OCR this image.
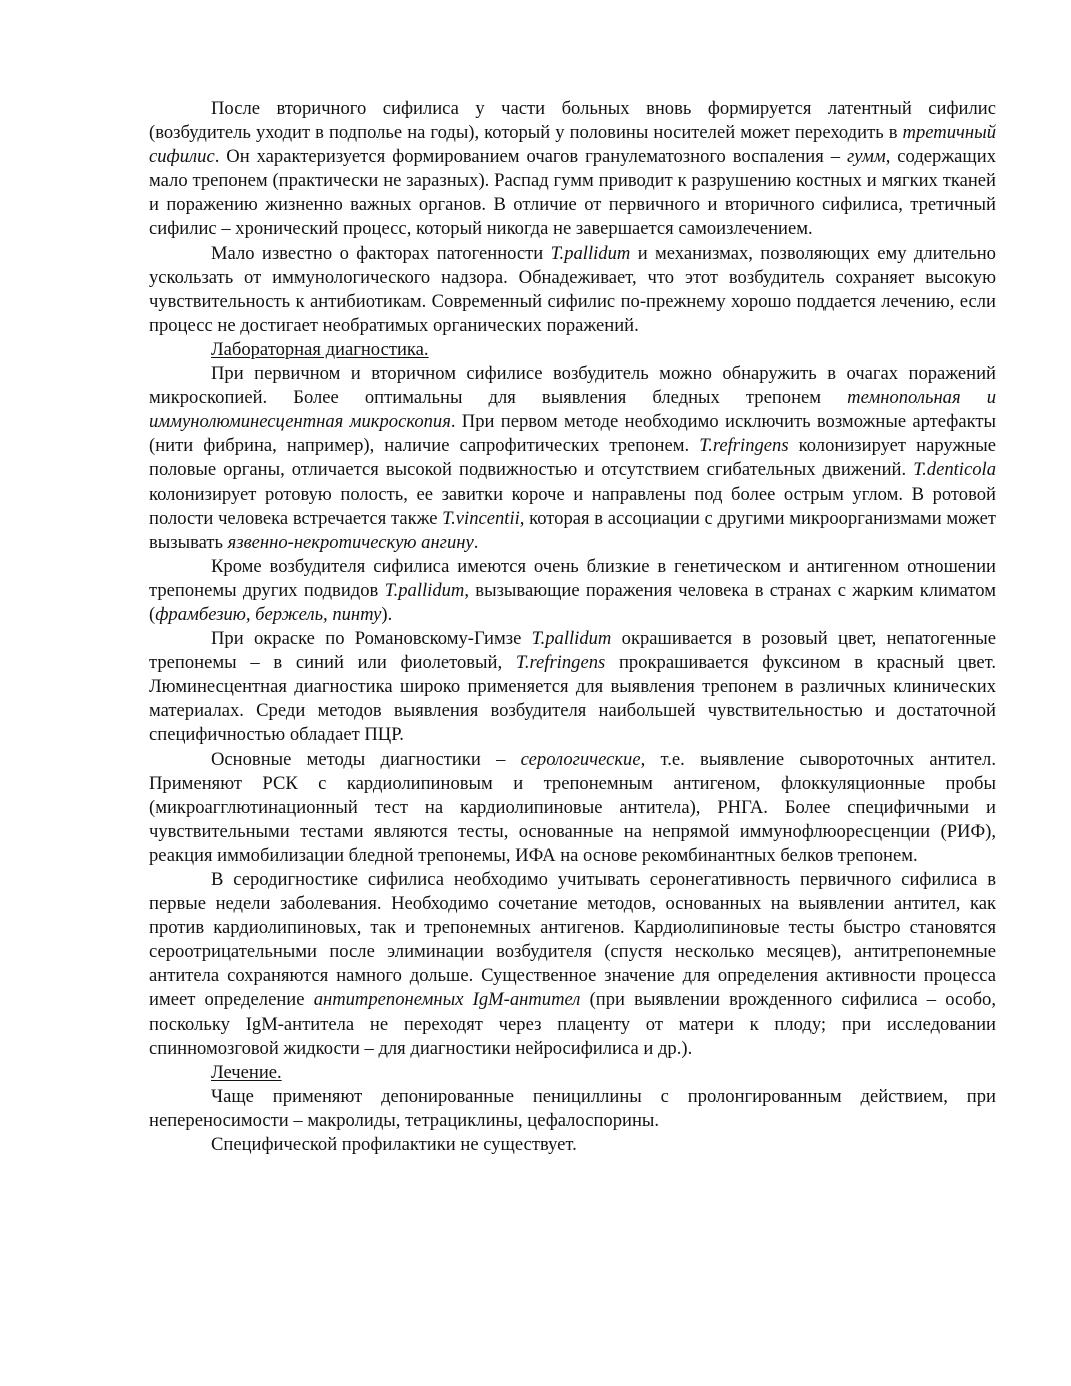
После вторичного сифилиса у части больных вновь формируется латентный сифилис (возбудитель уходит в подполье на годы), который у половины носителей может переходить в третичный сифилис. Он характеризуется формированием очагов гранулематозного воспаления – гумм, содержащих мало трепонем (практически не заразных). Распад гумм приводит к разрушению костных и мягких тканей и поражению жизненно важных органов. В отличие от первичного и вторичного сифилиса, третичный сифилис – хронический процесс, который никогда не завершается самоизлечением.

Мало известно о факторах патогенности T.pallidum и механизмах, позволяющих ему длительно ускользать от иммунологического надзора. Обнадеживает, что этот возбудитель сохраняет высокую чувствительность к антибиотикам. Современный сифилис по-прежнему хорошо поддается лечению, если процесс не достигает необратимых органических поражений.

Лабораторная диагностика.

При первичном и вторичном сифилисе возбудитель можно обнаружить в очагах поражений микроскопией. Более оптимальны для выявления бледных трепонем темнопольная и иммунолюминесцентная микроскопия. При первом методе необходимо исключить возможные артефакты (нити фибрина, например), наличие сапрофитических трепонем. T.refringens колонизирует наружные половые органы, отличается высокой подвижностью и отсутствием сгибательных движений. T.denticola колонизирует ротовую полость, ее завитки короче и направлены под более острым углом. В ротовой полости человека встречается также T.vincentii, которая в ассоциации с другими микроорганизмами может вызывать язвенно-некротическую ангину.

Кроме возбудителя сифилиса имеются очень близкие в генетическом и антигенном отношении трепонемы других подвидов T.pallidum, вызывающие поражения человека в странах с жарким климатом (фрамбезию, бержель, пинту).

При окраске по Романовскому-Гимзе T.pallidum окрашивается в розовый цвет, непатогенные трепонемы – в синий или фиолетовый, T.refringens прокрашивается фуксином в красный цвет. Люминесцентная диагностика широко применяется для выявления трепонем в различных клинических материалах. Среди методов выявления возбудителя наибольшей чувствительностью и достаточной специфичностью обладает ПЦР.

Основные методы диагностики – серологические, т.е. выявление сывороточных антител. Применяют РСК с кардиолипиновым и трепонемным антигеном, флоккуляционные пробы (микроагглютинационный тест на кардиолипиновые антитела), РНГА. Более специфичными и чувствительными тестами являются тесты, основанные на непрямой иммунофлюоресценции (РИФ), реакция иммобилизации бледной трепонемы, ИФА на основе рекомбинантных белков трепонем.

В серодигностике сифилиса необходимо учитывать серонегативность первичного сифилиса в первые недели заболевания. Необходимо сочетание методов, основанных на выявлении антител, как против кардиолипиновых, так и трепонемных антигенов. Кардиолипиновые тесты быстро становятся сероотрицательными после элиминации возбудителя (спустя несколько месяцев), антитрепонемные антитела сохраняются намного дольше. Существенное значение для определения активности процесса имеет определение антитрепонемных IgM-антител (при выявлении врожденного сифилиса – особо, поскольку IgM-антитела не переходят через плаценту от матери к плоду; при исследовании спинномозговой жидкости – для диагностики нейросифилиса и др.).

Лечение.

Чаще применяют депонированные пенициллины с пролонгированным действием, при непереносимости – макролиды, тетрациклины, цефалоспорины.

Специфической профилактики не существует.
